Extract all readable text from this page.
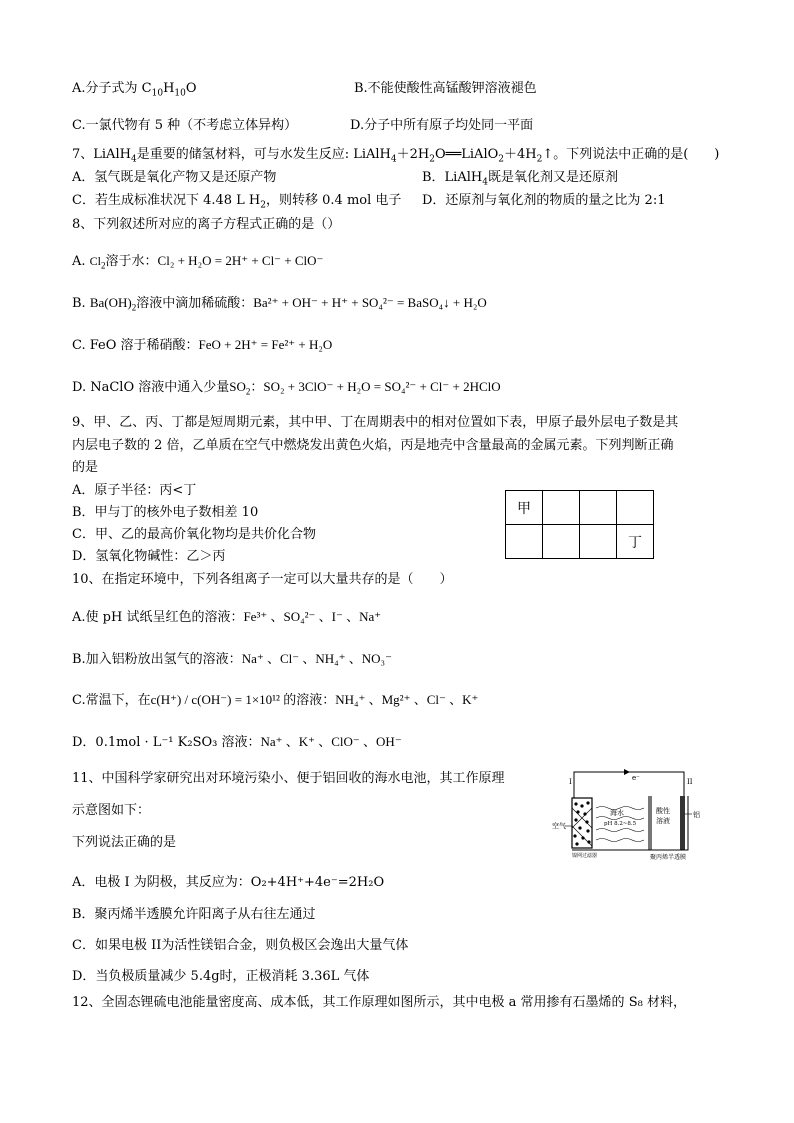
A.分子式为 $C_{10}H_{10}O$	B.不能使酸性高锰酸钾溶液褪色
C.一氯代物有 5 种（不考虑立体异构）	D.分子中所有原子均处同一平面
7、LiAlH$_4$是重要的储氢材料，可与水发生反应: $LiAlH_4+2H_2O══LiAlO_2+4H_2↑$。下列说法中正确的是(　　)
A．氢气既是氧化产物又是还原产物	B．LiAlH$_4$既是氧化剂又是还原剂
C．若生成标准状况下 4.48 L $H_2$，则转移 0.4 mol 电子 D．还原剂与氧化剂的物质的量之比为 2:1
8、下列叙述所对应的离子方程式正确的是（）
A. $Cl_2$溶于水：Cl₂ + H₂O = 2H⁺ + Cl⁻ + ClO⁻
B. $Ba(OH)_2$溶液中滴加稀硫酸：Ba²⁺ + OH⁻ + H⁺ + SO₄²⁻ = BaSO₄↓ + H₂O
C. FeO 溶于稀硝酸：FeO + 2H⁺ = Fe²⁺ + H₂O
D. NaClO 溶液中通入少量$SO_2$：SO₂ + 3ClO⁻ + H₂O = SO₄²⁻ + Cl⁻ + 2HClO
9、甲、乙、丙、丁都是短周期元素，其中甲、丁在周期表中的相对位置如下表，甲原子最外层电子数是其
内层电子数的 2 倍，乙单质在空气中燃烧发出黄色火焰，丙是地壳中含量最高的金属元素。下列判断正确
的是
A．原子半径：丙<丁
B．甲与丁的核外电子数相差 10
C．甲、乙的最高价氧化物均是共价化合物
D．氢氧化物碱性：乙＞丙
甲			
			丁
10、在指定环境中，下列各组离子一定可以大量共存的是（　　）
A.使 pH 试纸呈红色的溶液：Fe³⁺ 、SO₄²⁻ 、I⁻ 、Na⁺
B.加入铝粉放出氢气的溶液：Na⁺ 、Cl⁻ 、NH₄⁺ 、NO₃⁻
C.常温下，在c(H⁺) / c(OH⁻) = 1×10¹² 的溶液：NH₄⁺ 、Mg²⁺ 、Cl⁻ 、K⁺
D．0.1mol · L⁻¹ K₂SO₃ 溶液：Na⁺ 、K⁺ 、ClO⁻ 、OH⁻
11、中国科学家研究出对环境污染小、便于铝回收的海水电池，其工作原理
示意图如下：
下列说法正确的是
A．电极 I 为阴极，其反应为：O₂+4H⁺+4e⁻=2H₂O
B．聚丙烯半透膜允许阳离子从右往左通过
C．如果电极 II为活性镁铝合金，则负极区会逸出大量气体
D．当负极质量减少 5.4g时，正极消耗 3.36L 气体
e⁻
I	II
海水
pH 8.2~8.5
酸性
溶液
铝
空气
镍网过滤器	聚丙烯半透膜
12、全固态锂硫电池能量密度高、成本低，其工作原理如图所示，其中电极 a 常用掺有石墨烯的 S₈ 材料，
